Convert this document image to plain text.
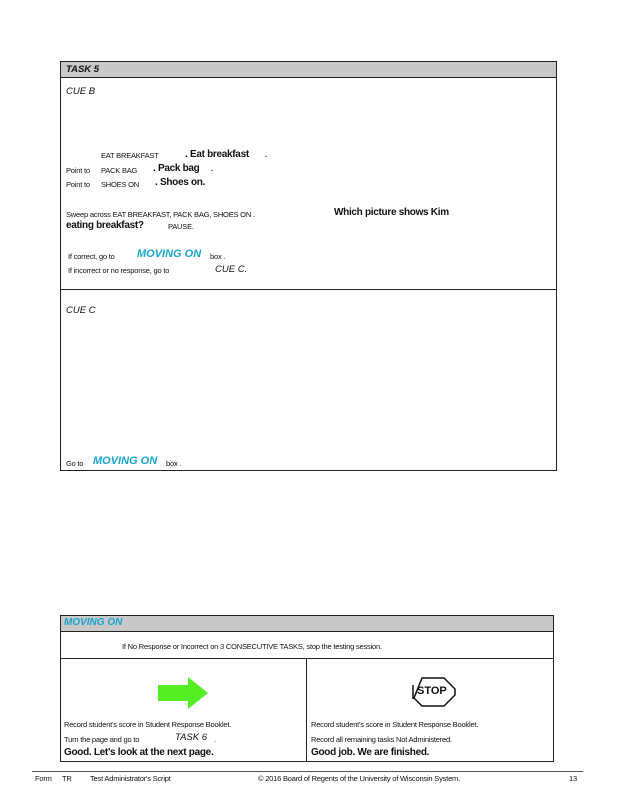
TASK 5
CUE B
EAT BREAKFAST	. Eat breakfast .
Point to PACK BAG . Pack bag .
Point to SHOES ON . Shoes on.
Sweep across EAT BREAKFAST, PACK BAG, SHOES ON .	Which picture shows Kim
eating breakfast?	PAUSE.
If correct, go to MOVING ON box .
If incorrect or no response, go to	CUE C.
CUE C
Go to MOVING ON box .
MOVING ON
If No Response or Incorrect on 3 CONSECUTIVE TASKS, stop the testing session.
Record student's score in Student Response Booklet.
Turn the page and go to	TASK 6 .
Good. Let's look at the next page.
STOP
Record student's score in Student Response Booklet.
Record all remaining tasks Not Administered.
Good job. We are finished.
Form TR Test Administrator's Script	© 2016 Board of Regents of the University of Wisconsin System.	13
